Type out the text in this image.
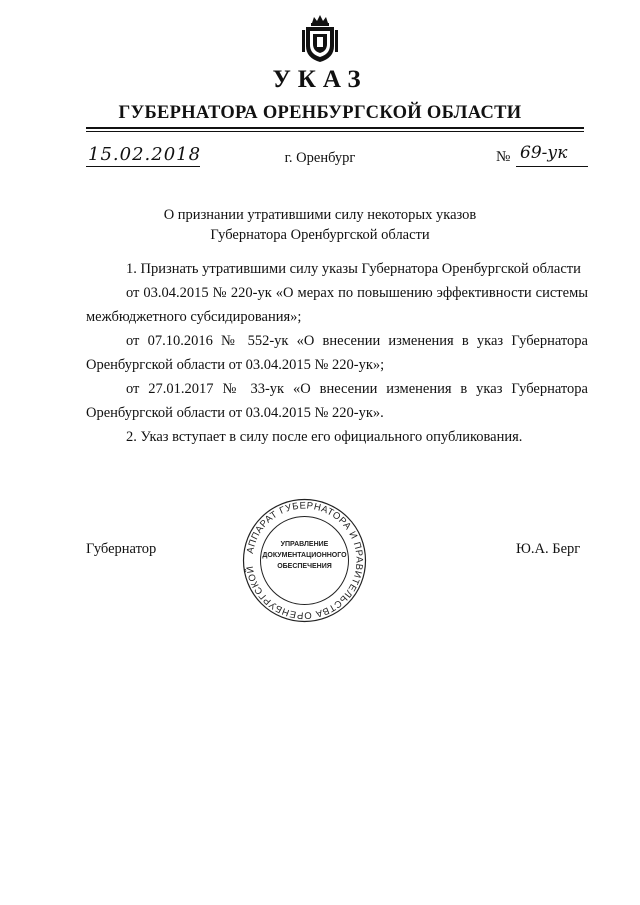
УКАЗ
ГУБЕРНАТОРА ОРЕНБУРГСКОЙ ОБЛАСТИ
15.02.2018	г. Оренбург	№ 69-ук
О признании утратившими силу некоторых указов
Губернатора Оренбургской области

1. Признать утратившими силу указы Губернатора Оренбургской области

от 03.04.2015 № 220-ук «О мерах по повышению эффективности системы межбюджетного субсидирования»;

от 07.10.2016 № 552-ук «О внесении изменения в указ Губернатора Оренбургской области от 03.04.2015 № 220-ук»;

от 27.01.2017 № 33-ук «О внесении изменения в указ Губернатора Оренбургской области от 03.04.2015 № 220-ук».

2. Указ вступает в силу после его официального опубликования.

Губернатор	Ю.А. Берг
АППАРАТ ГУБЕРНАТОРА И ПРАВИТЕЛЬСТВА ОРЕНБУРГСКОЙ
УПРАВЛЕНИЕ
ДОКУМЕНТАЦИОННОГО
ОБЕСПЕЧЕНИЯ
